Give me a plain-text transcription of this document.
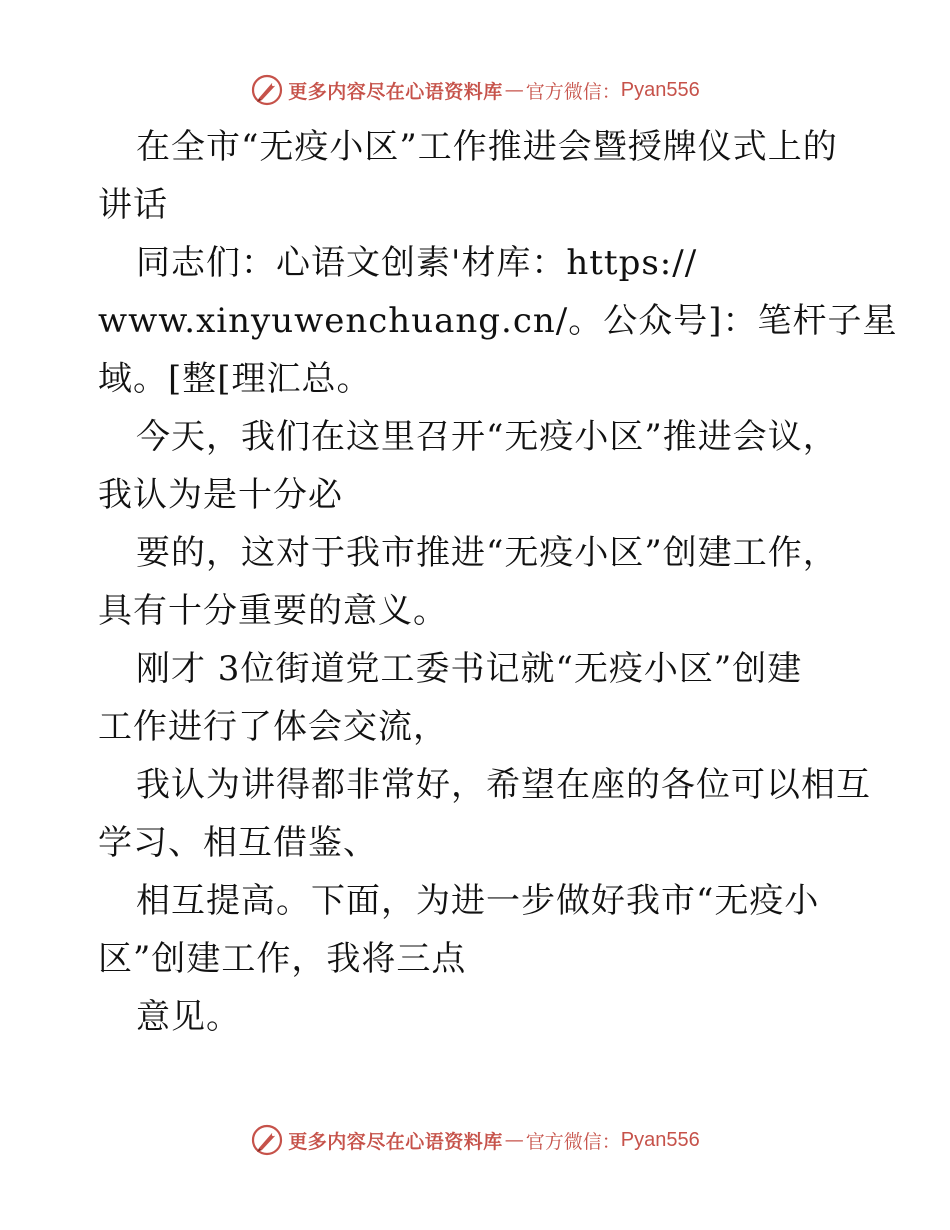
更多内容尽在心语资料库 — 官方微信： Pyan556
在全市“无疫小区”工作推进会暨授牌仪式上的
讲话
同志们：心语文创素'材库：https://
www.xinyuwenchuang.cn/。公众号]：笔杆子星
域。[整[理汇总。
今天，我们在这里召开“无疫小区”推进会议，
我认为是十分必
要的，这对于我市推进“无疫小区”创建工作，
具有十分重要的意义。
刚才 3位街道党工委书记就“无疫小区”创建
工作进行了体会交流，
我认为讲得都非常好，希望在座的各位可以相互
学习、相互借鉴、
相互提高。下面，为进一步做好我市“无疫小
区”创建工作，我将三点
意见。
更多内容尽在心语资料库 — 官方微信： Pyan556
